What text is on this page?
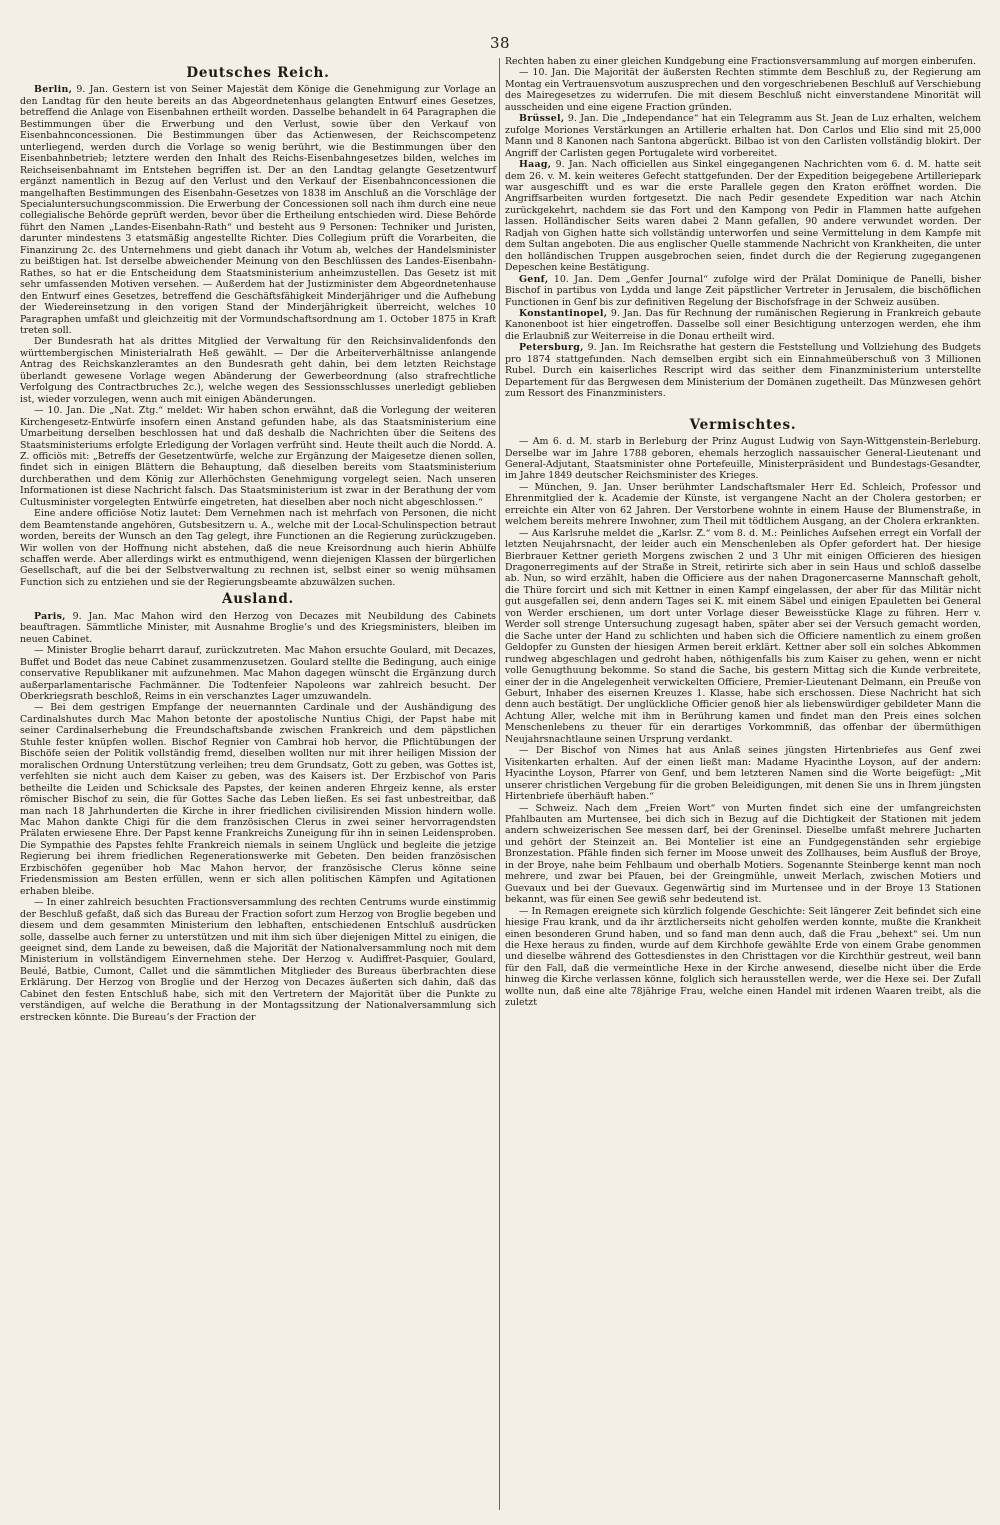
38
Deutsches Reich.

Berlin, 9. Jan. Gestern ist von Seiner Majestät dem Könige die Genehmigung zur Vorlage an den Landtag für den heute bereits an das Abgeordnetenhaus gelangten Entwurf eines Gesetzes, betreffend die Anlage von Eisenbahnen ertheilt worden. Dasselbe behandelt in 64 Paragraphen die Bestimmungen über die Erwerbung und den Verlust, sowie über den Verkauf von Eisenbahnconcessionen. Die Bestimmungen über das Actienwesen, der Reichscompetenz unterliegend, werden durch die Vorlage so wenig berührt, wie die Bestimmungen über den Eisenbahnbetrieb; letztere werden den Inhalt des Reichs-Eisenbahngesetzes bilden, welches im Reichseisenbahnamt im Entstehen begriffen ist. Der an den Landtag gelangte Gesetzentwurf ergänzt namentlich in Bezug auf den Verlust und den Verkauf der Eisenbahnconcessionen die mangelhaften Bestimmungen des Eisenbahn-Gesetzes von 1838 im Anschluß an die Vorschläge der Specialuntersuchungscommission. Die Erwerbung der Concessionen soll nach ihm durch eine neue collegialische Behörde geprüft werden, bevor über die Ertheilung entschieden wird. Diese Behörde führt den Namen „Landes-Eisenbahn-Rath“ und besteht aus 9 Personen: Techniker und Juristen, darunter mindestens 3 etatsmäßig angestellte Richter. Dies Collegium prüft die Vorarbeiten, die Finanzirung 2c. des Unternehmens und giebt danach ihr Votum ab, welches der Handelsminister zu beißtigen hat. Ist derselbe abweichender Meinung von den Beschlüssen des Landes-Eisenbahn-Rathes, so hat er die Entscheidung dem Staatsministerium anheimzustellen. Das Gesetz ist mit sehr umfassenden Motiven versehen. — Außerdem hat der Justizminister dem Abgeordnetenhause den Entwurf eines Gesetzes, betreffend die Geschäftsfähigkeit Minderjähriger und die Aufhebung der Wiedereinsetzung in den vorigen Stand der Minderjährigkeit überreicht, welches 10 Paragraphen umfaßt und gleichzeitig mit der Vormundschaftsordnung am 1. October 1875 in Kraft treten soll.

Der Bundesrath hat als drittes Mitglied der Verwaltung für den Reichsinvalidenfonds den württembergischen Ministerialrath Heß gewählt. — Der die Arbeiterverhältnisse anlangende Antrag des Reichskanzleramtes an den Bundesrath geht dahin, bei dem letzten Reichstage überlandt gewesene Vorlage wegen Abänderung der Gewerbeordnung (also strafrechtliche Verfolgung des Contractbruches 2c.), welche wegen des Sessionsschlusses unerledigt geblieben ist, wieder vorzulegen, wenn auch mit einigen Abänderungen.

— 10. Jan. Die „Nat. Ztg.“ meldet: Wir haben schon erwähnt, daß die Vorlegung der weiteren Kirchengesetz-Entwürfe insofern einen Anstand gefunden habe, als das Staatsministerium eine Umarbeitung derselben beschlossen hat und daß deshalb die Nachrichten über die Seitens des Staatsministeriums erfolgte Erledigung der Vorlagen verfrüht sind. Heute theilt auch die Nordd. A. Z. officiös mit: „Betreffs der Gesetzentwürfe, welche zur Ergänzung der Maigesetze dienen sollen, findet sich in einigen Blättern die Behauptung, daß dieselben bereits vom Staatsministerium durchberathen und dem König zur Allerhöchsten Genehmigung vorgelegt seien. Nach unseren Informationen ist diese Nachricht falsch. Das Staatsministerium ist zwar in der Berathung der vom Cultusminister vorgelegten Entwürfe eingetreten, hat dieselben aber noch nicht abgeschlossen.“

Eine andere officiöse Notiz lautet: Dem Vernehmen nach ist mehrfach von Personen, die nicht dem Beamtenstande angehören, Gutsbesitzern u. A., welche mit der Local-Schulinspection betraut worden, bereits der Wunsch an den Tag gelegt, ihre Functionen an die Regierung zurückzugeben. Wir wollen von der Hoffnung nicht abstehen, daß die neue Kreisordnung auch hierin Abhülfe schaffen werde. Aber allerdings wirkt es entmuthigend, wenn diejenigen Klassen der bürgerlichen Gesellschaft, auf die bei der Selbstverwaltung zu rechnen ist, selbst einer so wenig mühsamen Function sich zu entziehen und sie der Regierungsbeamte abzuwälzen suchen.

Ausland.

Paris, 9. Jan. Mac Mahon wird den Herzog von Decazes mit Neubildung des Cabinets beauftragen. Sämmtliche Minister, mit Ausnahme Broglie’s und des Kriegsministers, bleiben im neuen Cabinet.

— Minister Broglie beharrt darauf, zurückzutreten. Mac Mahon ersuchte Goulard, mit Decazes, Buffet und Bodet das neue Cabinet zusammenzusetzen. Goulard stellte die Bedingung, auch einige conservative Republikaner mit aufzunehmen. Mac Mahon dagegen wünscht die Ergänzung durch außerparlamentarische Fachmänner. Die Todtenfeier Napoleons war zahlreich besucht. Der Oberkriegsrath beschloß, Reims in ein verschanztes Lager umzuwandeln.

— Bei dem gestrigen Empfange der neuernannten Cardinale und der Aushändigung des Cardinalshutes durch Mac Mahon betonte der apostolische Nuntius Chigi, der Papst habe mit seiner Cardinalserhebung die Freundschaftsbande zwischen Frankreich und dem päpstlichen Stuhle fester knüpfen wollen. Bischof Regnier von Cambrai hob hervor, die Pflichtübungen der Bischöfe seien der Politik vollständig fremd, dieselben wollten nur mit ihrer heiligen Mission der moralischen Ordnung Unterstützung verleihen; treu dem Grundsatz, Gott zu geben, was Gottes ist, verfehlten sie nicht auch dem Kaiser zu geben, was des Kaisers ist. Der Erzbischof von Paris betheilte die Leiden und Schicksale des Papstes, der keinen anderen Ehrgeiz kenne, als erster römischer Bischof zu sein, die für Gottes Sache das Leben ließen. Es sei fast unbestreitbar, daß man nach 18 Jahrhunderten die Kirche in ihrer friedlichen civilisirenden Mission hindern wolle. Mac Mahon dankte Chigi für die dem französischen Clerus in zwei seiner hervorragendsten Prälaten erwiesene Ehre. Der Papst kenne Frankreichs Zuneigung für ihn in seinen Leidensproben. Die Sympathie des Papstes fehlte Frankreich niemals in seinem Unglück und begleite die jetzige Regierung bei ihrem friedlichen Regenerationswerke mit Gebeten. Den beiden französischen Erzbischöfen gegenüber hob Mac Mahon hervor, der französische Clerus könne seine Friedensmission am Besten erfüllen, wenn er sich allen politischen Kämpfen und Agitationen erhaben bleibe.

— In einer zahlreich besuchten Fractionsversammlung des rechten Centrums wurde einstimmig der Beschluß gefaßt, daß sich das Bureau der Fraction sofort zum Herzog von Broglie begeben und diesem und dem gesammten Ministerium den lebhaften, entschiedenen Entschluß ausdrücken solle, dasselbe auch ferner zu unterstützen und mit ihm sich über diejenigen Mittel zu einigen, die geeignet sind, dem Lande zu beweisen, daß die Majorität der Nationalversammlung noch mit dem Ministerium in vollständigem Einvernehmen stehe. Der Herzog v. Audiffret-Pasquier, Goulard, Beulé, Batbie, Cumont, Callet und die sämmtlichen Mitglieder des Bureaus überbrachten diese Erklärung. Der Herzog von Broglie und der Herzog von Decazes äußerten sich dahin, daß das Cabinet den festen Entschluß habe, sich mit den Vertretern der Majorität über die Punkte zu verständigen, auf welche die Berathung in der Montagssitzung der Nationalversammlung sich erstrecken könnte. Die Bureau’s der Fraction der

Rechten haben zu einer gleichen Kundgebung eine Fractionsversammlung auf morgen einberufen.

— 10. Jan. Die Majorität der äußersten Rechten stimmte dem Beschluß zu, der Regierung am Montag ein Vertrauensvotum auszusprechen und den vorgeschriebenen Beschluß auf Verschiebung des Mairegesetzes zu widerrufen. Die mit diesem Beschluß nicht einverstandene Minorität will ausscheiden und eine eigene Fraction gründen.

Brüssel, 9. Jan. Die „Independance“ hat ein Telegramm aus St. Jean de Luz erhalten, welchem zufolge Moriones Verstärkungen an Artillerie erhalten hat. Don Carlos und Elio sind mit 25,000 Mann und 8 Kanonen nach Santona abgerückt. Bilbao ist von den Carlisten vollständig blokirt. Der Angriff der Carlisten gegen Portugalete wird vorbereitet.

Haag, 9. Jan. Nach officiellen aus Sinkel eingegangenen Nachrichten vom 6. d. M. hatte seit dem 26. v. M. kein weiteres Gefecht stattgefunden. Der der Expedition beigegebene Artilleriepark war ausgeschifft und es war die erste Parallele gegen den Kraton eröffnet worden. Die Angriffsarbeiten wurden fortgesetzt. Die nach Pedir gesendete Expedition war nach Atchin zurückgekehrt, nachdem sie das Fort und den Kampong von Pedir in Flammen hatte aufgehen lassen. Holländischer Seits waren dabei 2 Mann gefallen, 90 andere verwundet worden. Der Radjah von Gighen hatte sich vollständig unterworfen und seine Vermittelung in dem Kampfe mit dem Sultan angeboten. Die aus englischer Quelle stammende Nachricht von Krankheiten, die unter den holländischen Truppen ausgebrochen seien, findet durch die der Regierung zugegangenen Depeschen keine Bestätigung.

Genf, 10. Jan. Dem „Genfer Journal“ zufolge wird der Prälat Dominique de Panelli, bisher Bischof in partibus von Lydda und lange Zeit päpstlicher Vertreter in Jerusalem, die bischöflichen Functionen in Genf bis zur definitiven Regelung der Bischofsfrage in der Schweiz ausüben.

Konstantinopel, 9. Jan. Das für Rechnung der rumänischen Regierung in Frankreich gebaute Kanonenboot ist hier eingetroffen. Dasselbe soll einer Besichtigung unterzogen werden, ehe ihm die Erlaubniß zur Weiterreise in die Donau ertheilt wird.

Petersburg, 9. Jan. Im Reichsrathe hat gestern die Feststellung und Vollziehung des Budgets pro 1874 stattgefunden. Nach demselben ergibt sich ein Einnahmeüberschuß von 3 Millionen Rubel. Durch ein kaiserliches Rescript wird das seither dem Finanzministerium unterstellte Departement für das Bergwesen dem Ministerium der Domänen zugetheilt. Das Münzwesen gehört zum Ressort des Finanzministers.

Vermischtes.

— Am 6. d. M. starb in Berleburg der Prinz August Ludwig von Sayn-Wittgenstein-Berleburg. Derselbe war im Jahre 1788 geboren, ehemals herzoglich nassauischer General-Lieutenant und General-Adjutant, Staatsminister ohne Portefeuille, Ministerpräsident und Bundestags-Gesandter, im Jahre 1849 deutscher Reichsminister des Krieges.

— München, 9. Jan. Unser berühmter Landschaftsmaler Herr Ed. Schleich, Professor und Ehrenmitglied der k. Academie der Künste, ist vergangene Nacht an der Cholera gestorben; er erreichte ein Alter von 62 Jahren. Der Verstorbene wohnte in einem Hause der Blumenstraße, in welchem bereits mehrere Inwohner, zum Theil mit tödtlichem Ausgang, an der Cholera erkrankten.

— Aus Karlsruhe meldet die „Karlsr. Z.“ vom 8. d. M.: Peinliches Aufsehen erregt ein Vorfall der letzten Neujahrsnacht, der leider auch ein Menschenleben als Opfer gefordert hat. Der hiesige Bierbrauer Kettner gerieth Morgens zwischen 2 und 3 Uhr mit einigen Officieren des hiesigen Dragonerregiments auf der Straße in Streit, retirirte sich aber in sein Haus und schloß dasselbe ab. Nun, so wird erzählt, haben die Officiere aus der nahen Dragonercaserne Mannschaft geholt, die Thüre forcirt und sich mit Kettner in einen Kampf eingelassen, der aber für das Militär nicht gut ausgefallen sei, denn andern Tages sei K. mit einem Säbel und einigen Epauletten bei General von Werder erschienen, um dort unter Vorlage dieser Beweisstücke Klage zu führen. Herr v. Werder soll strenge Untersuchung zugesagt haben, später aber sei der Versuch gemacht worden, die Sache unter der Hand zu schlichten und haben sich die Officiere namentlich zu einem großen Geldopfer zu Gunsten der hiesigen Armen bereit erklärt. Kettner aber soll ein solches Abkommen rundweg abgeschlagen und gedroht haben, nöthigenfalls bis zum Kaiser zu gehen, wenn er nicht volle Genugthuung bekomme. So stand die Sache, bis gestern Mittag sich die Kunde verbreitete, einer der in die Angelegenheit verwickelten Officiere, Premier-Lieutenant Delmann, ein Preuße von Geburt, Inhaber des eisernen Kreuzes 1. Klasse, habe sich erschossen. Diese Nachricht hat sich denn auch bestätigt. Der unglückliche Officier genoß hier als liebenswürdiger gebildeter Mann die Achtung Aller, welche mit ihm in Berührung kamen und findet man den Preis eines solchen Menschenlebens zu theuer für ein derartiges Vorkommniß, das offenbar der übermüthigen Neujahrsnachtlaune seinen Ursprung verdankt.

— Der Bischof von Nimes hat aus Anlaß seines jüngsten Hirtenbriefes aus Genf zwei Visitenkarten erhalten. Auf der einen ließt man: Madame Hyacinthe Loyson, auf der andern: Hyacinthe Loyson, Pfarrer von Genf, und bem letzteren Namen sind die Worte beigefügt: „Mit unserer christlichen Vergebung für die groben Beleidigungen, mit denen Sie uns in Ihrem jüngsten Hirtenbriefe überhäuft haben.“

— Schweiz. Nach dem „Freien Wort“ von Murten findet sich eine der umfangreichsten Pfahlbauten am Murtensee, bei dich sich in Bezug auf die Dichtigkeit der Stationen mit jedem andern schweizerischen See messen darf, bei der Greninsel. Dieselbe umfaßt mehrere Jucharten und gehört der Steinzeit an. Bei Montelier ist eine an Fundgegenständen sehr ergiebige Bronzestation. Pfähle finden sich ferner im Moose unweit des Zollhauses, beim Ausfluß der Broye, in der Broye, nahe beim Fehlbaum und oberhalb Motiers. Sogenannte Steinberge kennt man noch mehrere, und zwar bei Pfauen, bei der Greingmühle, unweit Merlach, zwischen Motiers und Guevaux und bei der Guevaux. Gegenwärtig sind im Murtensee und in der Broye 13 Stationen bekannt, was für einen See gewiß sehr bedeutend ist.

— In Remagen ereignete sich kürzlich folgende Geschichte: Seit längerer Zeit befindet sich eine hiesige Frau krank, und da ihr ärztlicherseits nicht geholfen werden konnte, mußte die Krankheit einen besonderen Grund haben, und so fand man denn auch, daß die Frau „behext“ sei. Um nun die Hexe heraus zu finden, wurde auf dem Kirchhofe gewählte Erde von einem Grabe genommen und dieselbe während des Gottesdienstes in den Christtagen vor die Kirchthür gestreut, weil bann für den Fall, daß die vermeintliche Hexe in der Kirche anwesend, dieselbe nicht über die Erde hinweg die Kirche verlassen könne, folglich sich herausstellen werde, wer die Hexe sei. Der Zufall wollte nun, daß eine alte 78jährige Frau, welche einen Handel mit irdenen Waaren treibt, als die zuletzt
